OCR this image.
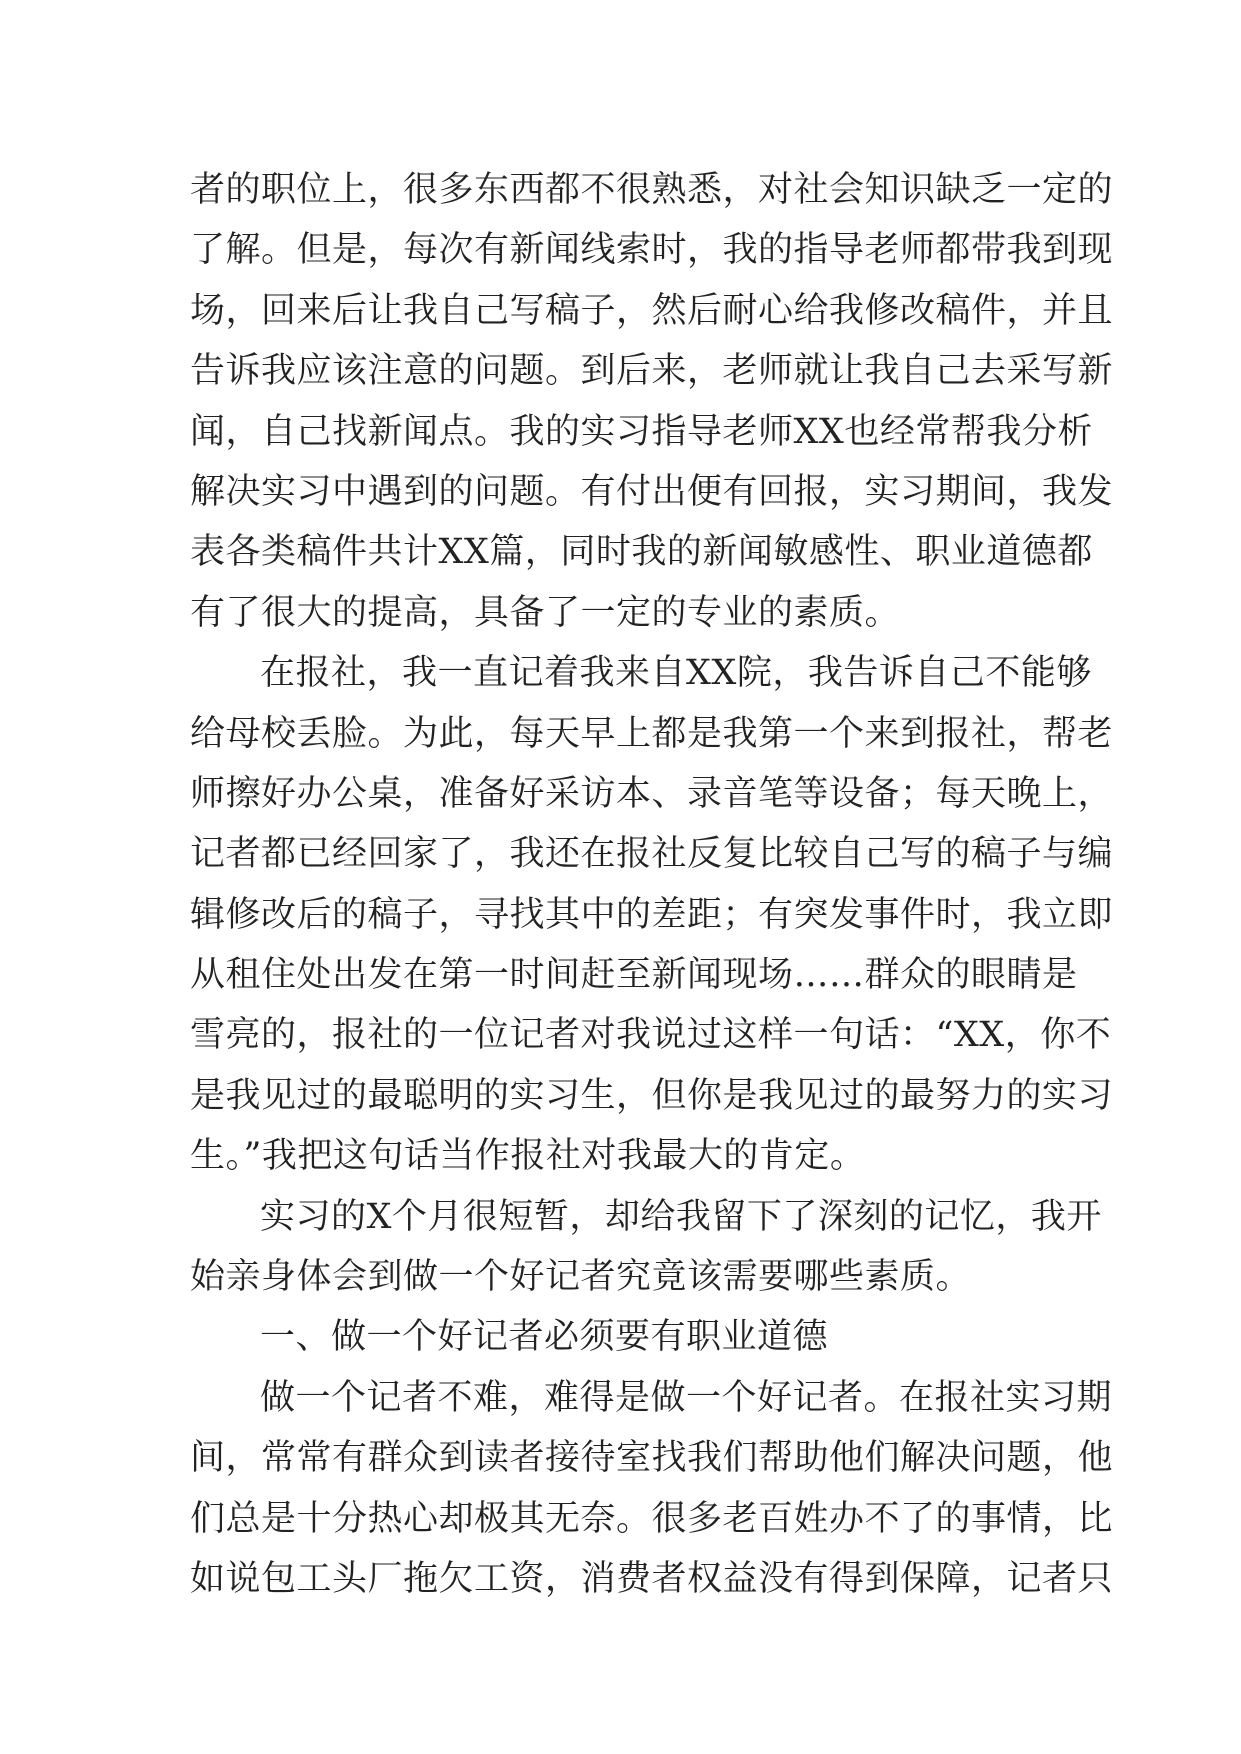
者的职位上，很多东西都不很熟悉，对社会知识缺乏一定的
了解。但是，每次有新闻线索时，我的指导老师都带我到现
场，回来后让我自己写稿子，然后耐心给我修改稿件，并且
告诉我应该注意的问题。到后来，老师就让我自己去采写新
闻，自己找新闻点。我的实习指导老师XX也经常帮我分析
解决实习中遇到的问题。有付出便有回报，实习期间，我发
表各类稿件共计XX篇，同时我的新闻敏感性、职业道德都
有了很大的提高，具备了一定的专业的素质。
在报社，我一直记着我来自XX院，我告诉自己不能够
给母校丢脸。为此，每天早上都是我第一个来到报社，帮老
师擦好办公桌，准备好采访本、录音笔等设备；每天晚上，
记者都已经回家了，我还在报社反复比较自己写的稿子与编
辑修改后的稿子，寻找其中的差距；有突发事件时，我立即
从租住处出发在第一时间赶至新闻现场……群众的眼睛是
雪亮的，报社的一位记者对我说过这样一句话：“XX，你不
是我见过的最聪明的实习生，但你是我见过的最努力的实习
生。”我把这句话当作报社对我最大的肯定。
实习的X个月很短暂，却给我留下了深刻的记忆，我开
始亲身体会到做一个好记者究竟该需要哪些素质。
一、做一个好记者必须要有职业道德
做一个记者不难，难得是做一个好记者。在报社实习期
间，常常有群众到读者接待室找我们帮助他们解决问题，他
们总是十分热心却极其无奈。很多老百姓办不了的事情，比
如说包工头厂拖欠工资，消费者权益没有得到保障，记者只
